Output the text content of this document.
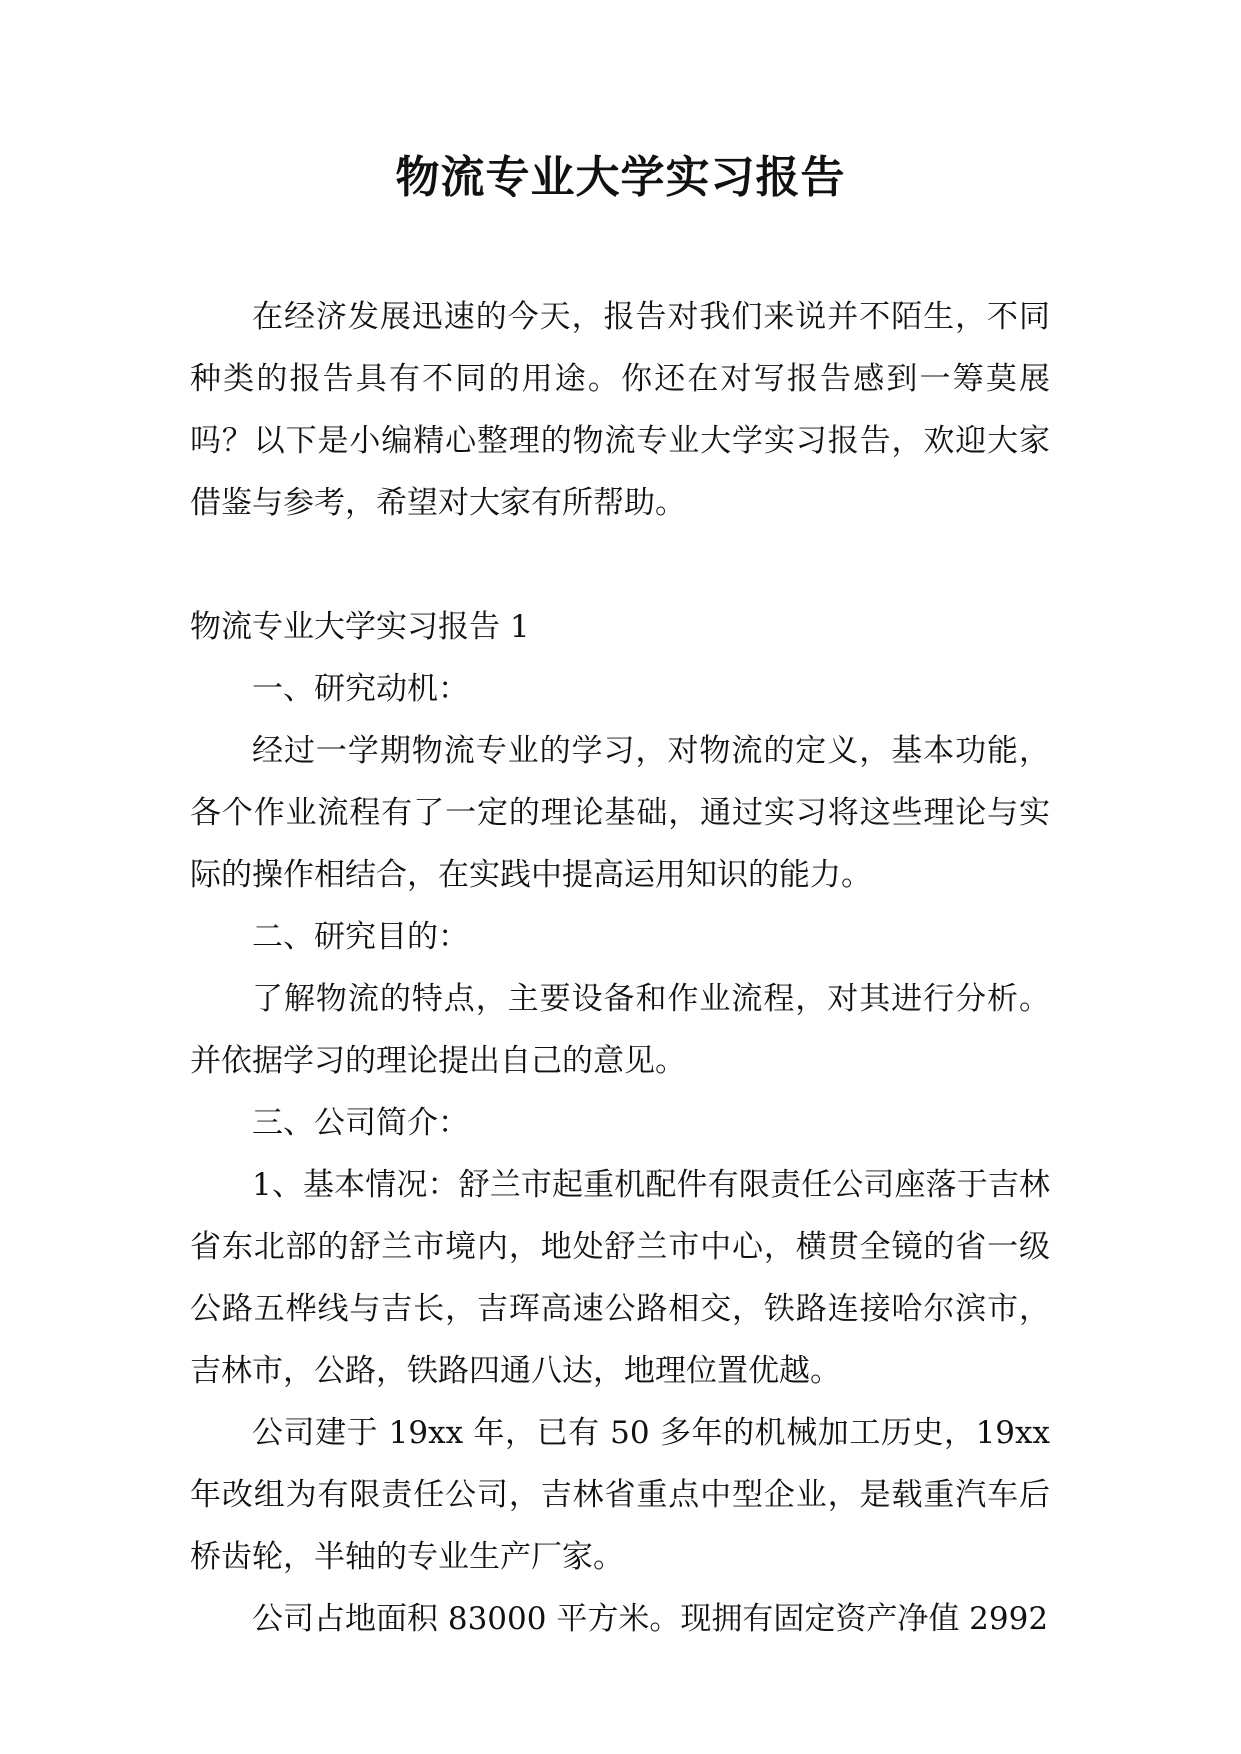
物流专业大学实习报告

在经济发展迅速的今天，报告对我们来说并不陌生，不同种类的报告具有不同的用途。你还在对写报告感到一筹莫展吗？以下是小编精心整理的物流专业大学实习报告，欢迎大家借鉴与参考，希望对大家有所帮助。

物流专业大学实习报告 1

一、研究动机：

经过一学期物流专业的学习，对物流的定义，基本功能，各个作业流程有了一定的理论基础，通过实习将这些理论与实际的操作相结合，在实践中提高运用知识的能力。

二、研究目的：

了解物流的特点，主要设备和作业流程，对其进行分析。并依据学习的理论提出自己的意见。

三、公司简介：

1、基本情况：舒兰市起重机配件有限责任公司座落于吉林省东北部的舒兰市境内，地处舒兰市中心，横贯全镜的省一级公路五桦线与吉长，吉珲高速公路相交，铁路连接哈尔滨市，吉林市，公路，铁路四通八达，地理位置优越。

公司建于 19xx 年，已有 50 多年的机械加工历史，19xx 年改组为有限责任公司，吉林省重点中型企业，是载重汽车后桥齿轮，半轴的专业生产厂家。

公司占地面积 83000 平方米。现拥有固定资产净值 2992
